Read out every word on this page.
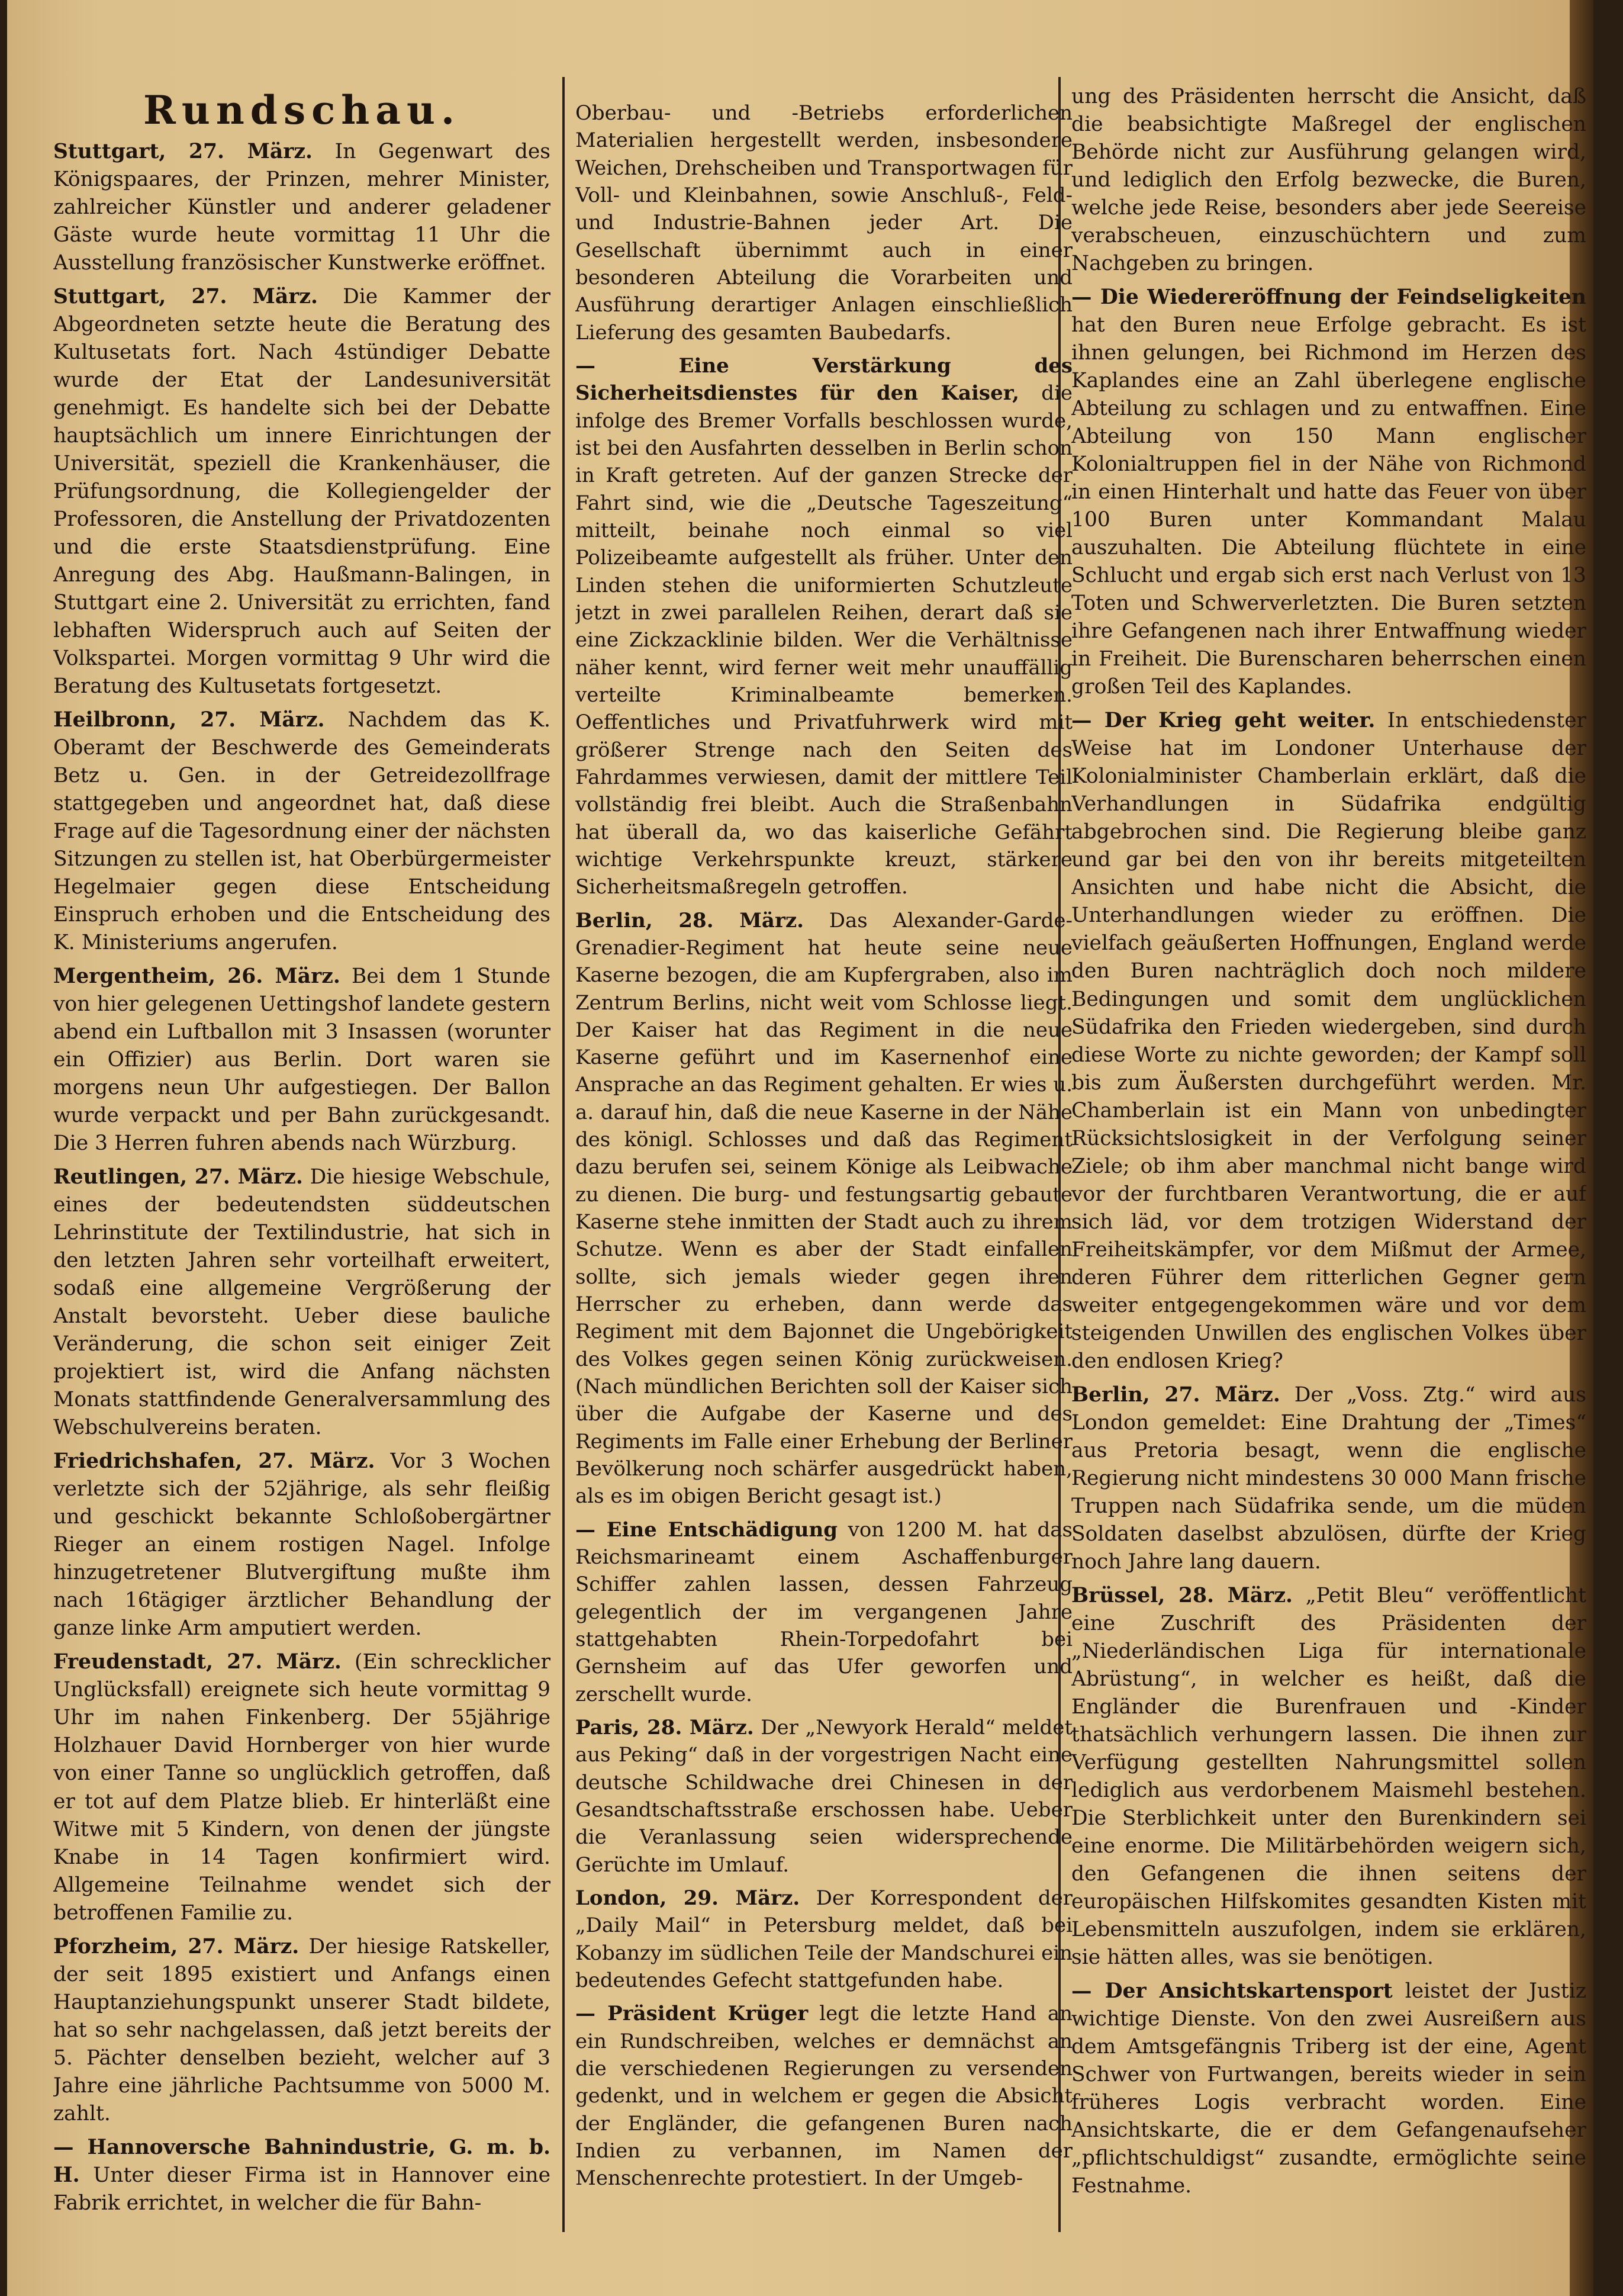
Rundschau.

Stuttgart, 27. März. In Gegenwart des Königspaares, der Prinzen, mehrer Minister, zahlreicher Künstler und anderer geladener Gäste wurde heute vormittag 11 Uhr die Ausstellung französischer Kunstwerke eröffnet.

Stuttgart, 27. März. Die Kammer der Abgeordneten setzte heute die Beratung des Kultusetats fort. Nach 4stündiger Debatte wurde der Etat der Landesuniversität genehmigt. Es handelte sich bei der Debatte hauptsächlich um innere Einrichtungen der Universität, speziell die Krankenhäuser, die Prüfungsordnung, die Kollegiengelder der Professoren, die Anstellung der Privatdozenten und die erste Staatsdienstprüfung. Eine Anregung des Abg. Haußmann-Balingen, in Stuttgart eine 2. Universität zu errichten, fand lebhaften Widerspruch auch auf Seiten der Volkspartei. Morgen vormittag 9 Uhr wird die Beratung des Kultusetats fortgesetzt.

Heilbronn, 27. März. Nachdem das K. Oberamt der Beschwerde des Gemeinderats Betz u. Gen. in der Getreidezollfrage stattgegeben und angeordnet hat, daß diese Frage auf die Tagesordnung einer der nächsten Sitzungen zu stellen ist, hat Oberbürgermeister Hegelmaier gegen diese Entscheidung Einspruch erhoben und die Entscheidung des K. Ministeriums angerufen.

Mergentheim, 26. März. Bei dem 1 Stunde von hier gelegenen Uettingshof landete gestern abend ein Luftballon mit 3 Insassen (worunter ein Offizier) aus Berlin. Dort waren sie morgens neun Uhr aufgestiegen. Der Ballon wurde verpackt und per Bahn zurückgesandt. Die 3 Herren fuhren abends nach Würzburg.

Reutlingen, 27. März. Die hiesige Webschule, eines der bedeutendsten süddeutschen Lehrinstitute der Textilindustrie, hat sich in den letzten Jahren sehr vorteilhaft erweitert, sodaß eine allgemeine Vergrößerung der Anstalt bevorsteht. Ueber diese bauliche Veränderung, die schon seit einiger Zeit projektiert ist, wird die Anfang nächsten Monats stattfindende Generalversammlung des Webschulvereins beraten.

Friedrichshafen, 27. März. Vor 3 Wochen verletzte sich der 52jährige, als sehr fleißig und geschickt bekannte Schloßobergärtner Rieger an einem rostigen Nagel. Infolge hinzugetretener Blutvergiftung mußte ihm nach 16tägiger ärztlicher Behandlung der ganze linke Arm amputiert werden.

Freudenstadt, 27. März. (Ein schrecklicher Unglücksfall) ereignete sich heute vormittag 9 Uhr im nahen Finkenberg. Der 55jährige Holzhauer David Hornberger von hier wurde von einer Tanne so unglücklich getroffen, daß er tot auf dem Platze blieb. Er hinterläßt eine Witwe mit 5 Kindern, von denen der jüngste Knabe in 14 Tagen konfirmiert wird. Allgemeine Teilnahme wendet sich der betroffenen Familie zu.

Pforzheim, 27. März. Der hiesige Ratskeller, der seit 1895 existiert und Anfangs einen Hauptanziehungspunkt unserer Stadt bildete, hat so sehr nachgelassen, daß jetzt bereits der 5. Pächter denselben bezieht, welcher auf 3 Jahre eine jährliche Pachtsumme von 5000 M. zahlt.

— Hannoversche Bahnindustrie, G. m. b. H. Unter dieser Firma ist in Hannover eine Fabrik errichtet, in welcher die für Bahn-

Oberbau- und -Betriebs erforderlichen Materialien hergestellt werden, insbesondere Weichen, Drehscheiben und Transportwagen für Voll- und Kleinbahnen, sowie Anschluß-, Feld- und Industrie-Bahnen jeder Art. Die Gesellschaft übernimmt auch in einer besonderen Abteilung die Vorarbeiten und Ausführung derartiger Anlagen einschließlich Lieferung des gesamten Baubedarfs.

— Eine Verstärkung des Sicherheitsdienstes für den Kaiser, die infolge des Bremer Vorfalls beschlossen wurde, ist bei den Ausfahrten desselben in Berlin schon in Kraft getreten. Auf der ganzen Strecke der Fahrt sind, wie die „Deutsche Tageszeitung“ mitteilt, beinahe noch einmal so viel Polizeibeamte aufgestellt als früher. Unter den Linden stehen die uniformierten Schutzleute jetzt in zwei parallelen Reihen, derart daß sie eine Zickzacklinie bilden. Wer die Verhältnisse näher kennt, wird ferner weit mehr unauffällig verteilte Kriminalbeamte bemerken. Oeffentliches und Privatfuhrwerk wird mit größerer Strenge nach den Seiten des Fahrdammes verwiesen, damit der mittlere Teil vollständig frei bleibt. Auch die Straßenbahn hat überall da, wo das kaiserliche Gefährt wichtige Verkehrspunkte kreuzt, stärkere Sicherheitsmaßregeln getroffen.

Berlin, 28. März. Das Alexander-Garde-Grenadier-Regiment hat heute seine neue Kaserne bezogen, die am Kupfergraben, also im Zentrum Berlins, nicht weit vom Schlosse liegt. Der Kaiser hat das Regiment in die neue Kaserne geführt und im Kasernenhof eine Ansprache an das Regiment gehalten. Er wies u. a. darauf hin, daß die neue Kaserne in der Nähe des königl. Schlosses und daß das Regiment dazu berufen sei, seinem Könige als Leibwache zu dienen. Die burg- und festungsartig gebaute Kaserne stehe inmitten der Stadt auch zu ihrem Schutze. Wenn es aber der Stadt einfallen sollte, sich jemals wieder gegen ihren Herrscher zu erheben, dann werde das Regiment mit dem Bajonnet die Ungebörigkeit des Volkes gegen seinen König zurückweisen. (Nach mündlichen Berichten soll der Kaiser sich über die Aufgabe der Kaserne und des Regiments im Falle einer Erhebung der Berliner Bevölkerung noch schärfer ausgedrückt haben, als es im obigen Bericht gesagt ist.)

— Eine Entschädigung von 1200 M. hat das Reichsmarineamt einem Aschaffenburger Schiffer zahlen lassen, dessen Fahrzeug gelegentlich der im vergangenen Jahre stattgehabten Rhein-Torpedofahrt bei Gernsheim auf das Ufer geworfen und zerschellt wurde.

Paris, 28. März. Der „Newyork Herald“ meldet aus Peking“ daß in der vorgestrigen Nacht eine deutsche Schildwache drei Chinesen in der Gesandtschaftsstraße erschossen habe. Ueber die Veranlassung seien widersprechende Gerüchte im Umlauf.

London, 29. März. Der Korrespondent der „Daily Mail“ in Petersburg meldet, daß bei Kobanzy im südlichen Teile der Mandschurei ein bedeutendes Gefecht stattgefunden habe.

— Präsident Krüger legt die letzte Hand an ein Rundschreiben, welches er demnächst an die verschiedenen Regierungen zu versenden gedenkt, und in welchem er gegen die Absicht der Engländer, die gefangenen Buren nach Indien zu verbannen, im Namen der Menschenrechte protestiert. In der Umgeb-

ung des Präsidenten herrscht die Ansicht, daß die beabsichtigte Maßregel der englischen Behörde nicht zur Ausführung gelangen wird, und lediglich den Erfolg bezwecke, die Buren, welche jede Reise, besonders aber jede Seereise verabscheuen, einzuschüchtern und zum Nachgeben zu bringen.

— Die Wiedereröffnung der Feindseligkeiten hat den Buren neue Erfolge gebracht. Es ist ihnen gelungen, bei Richmond im Herzen des Kaplandes eine an Zahl überlegene englische Abteilung zu schlagen und zu entwaffnen. Eine Abteilung von 150 Mann englischer Kolonialtruppen fiel in der Nähe von Richmond in einen Hinterhalt und hatte das Feuer von über 100 Buren unter Kommandant Malau auszuhalten. Die Abteilung flüchtete in eine Schlucht und ergab sich erst nach Verlust von 13 Toten und Schwerverletzten. Die Buren setzten ihre Gefangenen nach ihrer Entwaffnung wieder in Freiheit. Die Burenscharen beherrschen einen großen Teil des Kaplandes.

— Der Krieg geht weiter. In entschiedenster Weise hat im Londoner Unterhause der Kolonialminister Chamberlain erklärt, daß die Verhandlungen in Südafrika endgültig abgebrochen sind. Die Regierung bleibe ganz und gar bei den von ihr bereits mitgeteilten Ansichten und habe nicht die Absicht, die Unterhandlungen wieder zu eröffnen. Die vielfach geäußerten Hoffnungen, England werde den Buren nachträglich doch noch mildere Bedingungen und somit dem unglücklichen Südafrika den Frieden wiedergeben, sind durch diese Worte zu nichte geworden; der Kampf soll bis zum Äußersten durchgeführt werden. Mr. Chamberlain ist ein Mann von unbedingter Rücksichtslosigkeit in der Verfolgung seiner Ziele; ob ihm aber manchmal nicht bange wird vor der furchtbaren Verantwortung, die er auf sich läd, vor dem trotzigen Widerstand der Freiheitskämpfer, vor dem Mißmut der Armee, deren Führer dem ritterlichen Gegner gern weiter entgegengekommen wäre und vor dem steigenden Unwillen des englischen Volkes über den endlosen Krieg?

Berlin, 27. März. Der „Voss. Ztg.“ wird aus London gemeldet: Eine Drahtung der „Times“ aus Pretoria besagt, wenn die englische Regierung nicht mindestens 30 000 Mann frische Truppen nach Südafrika sende, um die müden Soldaten daselbst abzulösen, dürfte der Krieg noch Jahre lang dauern.

Brüssel, 28. März. „Petit Bleu“ veröffentlicht eine Zuschrift des Präsidenten der „Niederländischen Liga für internationale Abrüstung“, in welcher es heißt, daß die Engländer die Burenfrauen und -Kinder thatsächlich verhungern lassen. Die ihnen zur Verfügung gestellten Nahrungsmittel sollen lediglich aus verdorbenem Maismehl bestehen. Die Sterblichkeit unter den Burenkindern sei eine enorme. Die Militärbehörden weigern sich, den Gefangenen die ihnen seitens der europäischen Hilfskomites gesandten Kisten mit Lebensmitteln auszufolgen, indem sie erklären, sie hätten alles, was sie benötigen.

— Der Ansichtskartensport leistet der Justiz wichtige Dienste. Von den zwei Ausreißern aus dem Amtsgefängnis Triberg ist der eine, Agent Schwer von Furtwangen, bereits wieder in sein früheres Logis verbracht worden. Eine Ansichtskarte, die er dem Gefangenaufseher „pflichtschuldigst“ zusandte, ermöglichte seine Festnahme.
